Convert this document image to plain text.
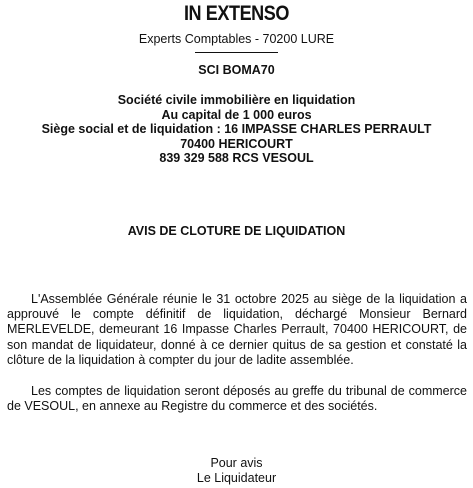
IN EXTENSO
Experts Comptables - 70200 LURE
SCI BOMA70
Société civile immobilière en liquidation
Au capital de 1 000 euros
Siège social et de liquidation : 16 IMPASSE CHARLES PERRAULT
70400 HERICOURT
839 329 588 RCS VESOUL
AVIS DE CLOTURE DE LIQUIDATION
L'Assemblée Générale réunie le 31 octobre 2025 au siège de la liquidation a approuvé le compte définitif de liquidation, déchargé Monsieur Bernard MERLEVELDE, demeurant 16 Impasse Charles Perrault, 70400 HERICOURT, de son mandat de liquidateur, donné à ce dernier quitus de sa gestion et constaté la clôture de la liquidation à compter du jour de ladite assemblée.
Les comptes de liquidation seront déposés au greffe du tribunal de commerce de VESOUL, en annexe au Registre du commerce et des sociétés.
Pour avis
Le Liquidateur
